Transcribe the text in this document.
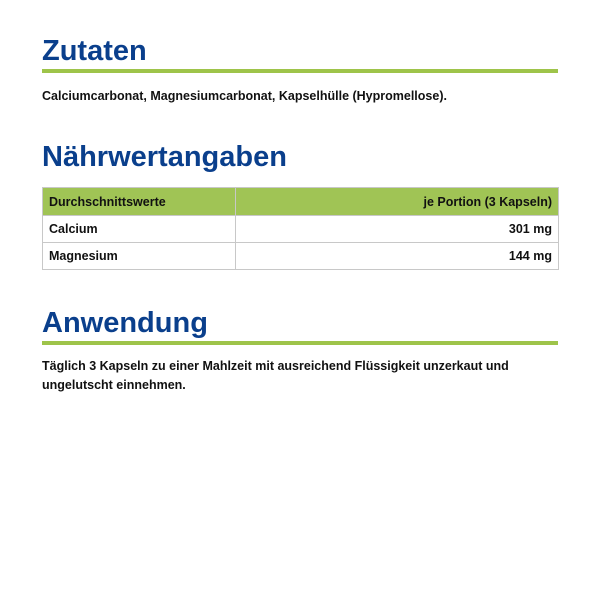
Zutaten

Calciumcarbonat, Magnesiumcarbonat, Kapselhülle (Hypromellose).

Nährwertangaben
Durchschnittswerte	je Portion (3 Kapseln)
Calcium	301 mg
Magnesium	144 mg
Anwendung

Täglich 3 Kapseln zu einer Mahlzeit mit ausreichend Flüssigkeit unzerkaut und ungelutscht einnehmen.
